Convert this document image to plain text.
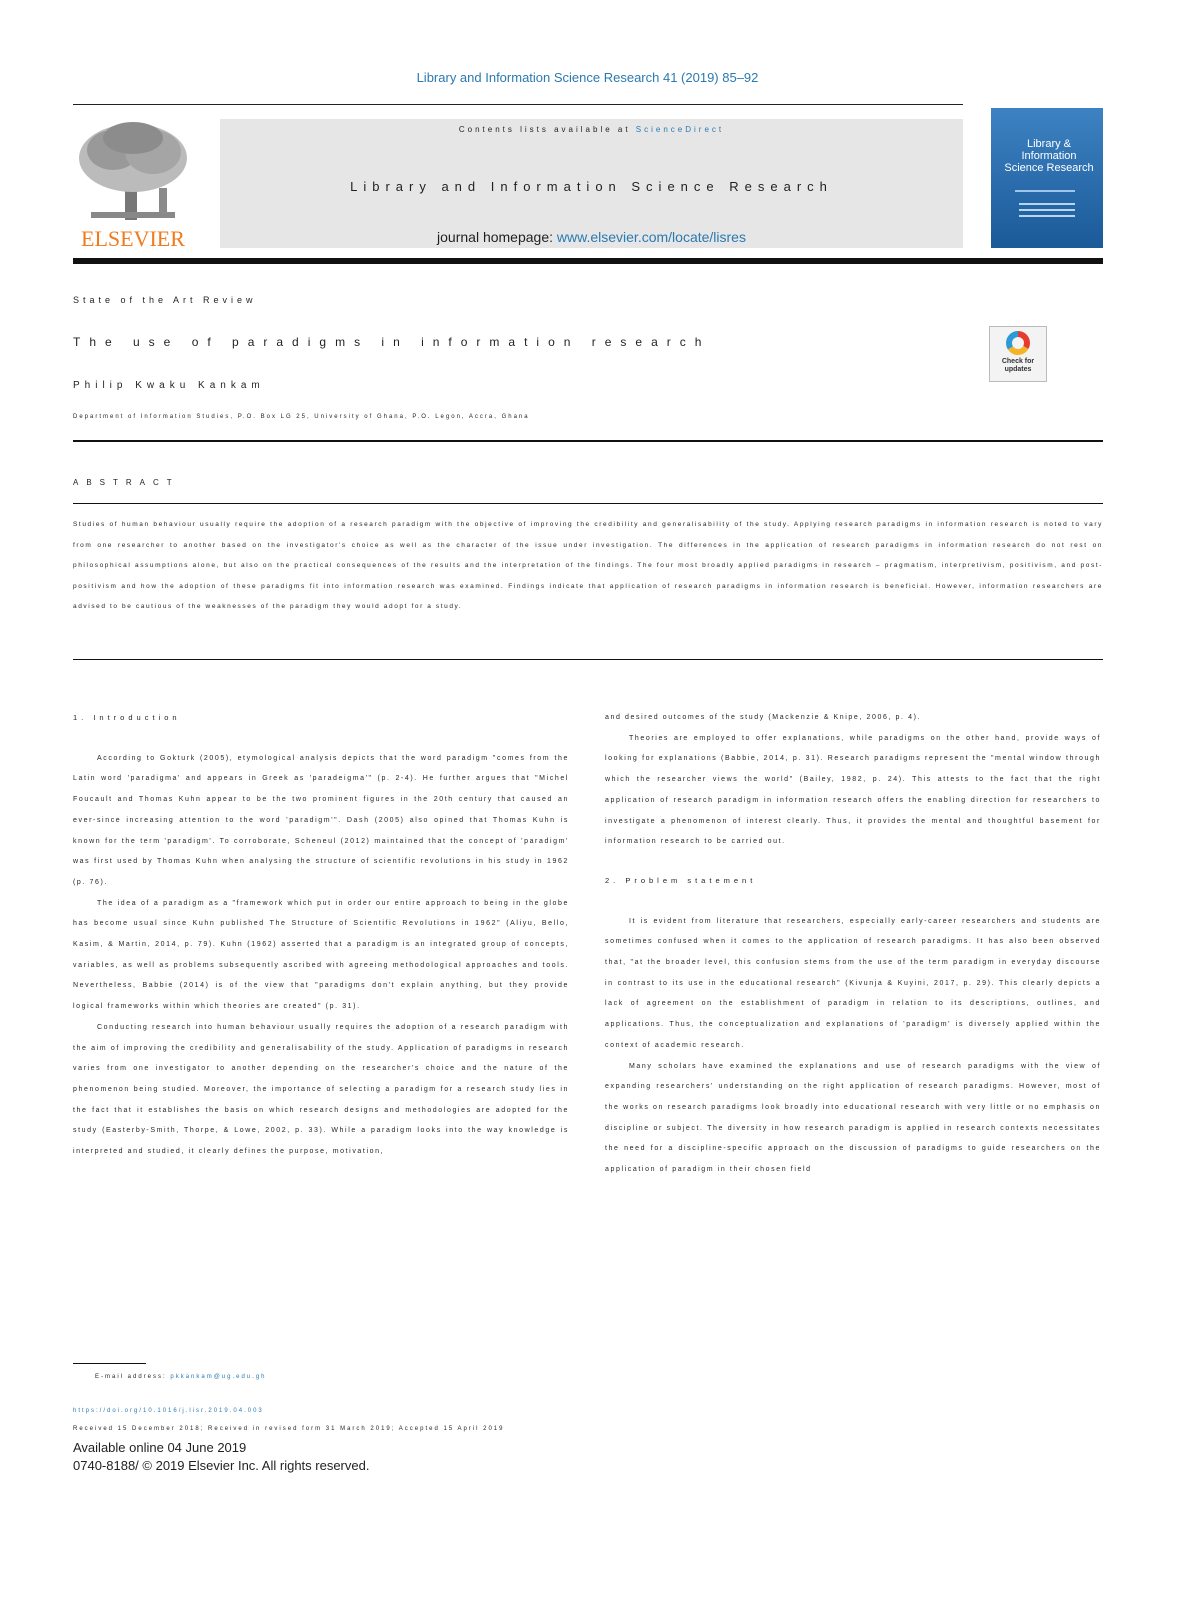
Library and Information Science Research 41 (2019) 85–92
ELSEVIER
Contents lists available at ScienceDirect
Library and Information Science Research
journal homepage: www.elsevier.com/locate/lisres
Library & Information Science Research
State of the Art Review
The use of paradigms in information research
Philip Kwaku Kankam
Department of Information Studies, P.O. Box LG 25, University of Ghana, P.O. Legon, Accra, Ghana
Check for updates
ABSTRACT
Studies of human behaviour usually require the adoption of a research paradigm with the objective of improving the credibility and generalisability of the study. Applying research paradigms in information research is noted to vary from one researcher to another based on the investigator's choice as well as the character of the issue under investigation. The differences in the application of research paradigms in information research do not rest on philosophical assumptions alone, but also on the practical consequences of the results and the interpretation of the findings. The four most broadly applied paradigms in research – pragmatism, interpretivism, positivism, and post-positivism and how the adoption of these paradigms fit into information research was examined. Findings indicate that application of research paradigms in information research is beneficial. However, information researchers are advised to be cautious of the weaknesses of the paradigm they would adopt for a study.
1. Introduction

According to Gokturk (2005), etymological analysis depicts that the word paradigm "comes from the Latin word 'paradigma' and appears in Greek as 'paradeigma'" (p. 2-4). He further argues that "Michel Foucault and Thomas Kuhn appear to be the two prominent figures in the 20th century that caused an ever-since increasing attention to the word 'paradigm'". Dash (2005) also opined that Thomas Kuhn is known for the term 'paradigm'. To corroborate, Scheneul (2012) maintained that the concept of 'paradigm' was first used by Thomas Kuhn when analysing the structure of scientific revolutions in his study in 1962 (p. 76).

The idea of a paradigm as a "framework which put in order our entire approach to being in the globe has become usual since Kuhn published The Structure of Scientific Revolutions in 1962" (Aliyu, Bello, Kasim, & Martin, 2014, p. 79). Kuhn (1962) asserted that a paradigm is an integrated group of concepts, variables, as well as problems subsequently ascribed with agreeing methodological approaches and tools. Nevertheless, Babbie (2014) is of the view that "paradigms don't explain anything, but they provide logical frameworks within which theories are created" (p. 31).

Conducting research into human behaviour usually requires the adoption of a research paradigm with the aim of improving the credibility and generalisability of the study. Application of paradigms in research varies from one investigator to another depending on the researcher's choice and the nature of the phenomenon being studied. Moreover, the importance of selecting a paradigm for a research study lies in the fact that it establishes the basis on which research designs and methodologies are adopted for the study (Easterby-Smith, Thorpe, & Lowe, 2002, p. 33). While a paradigm looks into the way knowledge is interpreted and studied, it clearly defines the purpose, motivation,

and desired outcomes of the study (Mackenzie & Knipe, 2006, p. 4).

Theories are employed to offer explanations, while paradigms on the other hand, provide ways of looking for explanations (Babbie, 2014, p. 31). Research paradigms represent the "mental window through which the researcher views the world" (Bailey, 1982, p. 24). This attests to the fact that the right application of research paradigm in information research offers the enabling direction for researchers to investigate a phenomenon of interest clearly. Thus, it provides the mental and thoughtful basement for information research to be carried out.

2. Problem statement

It is evident from literature that researchers, especially early-career researchers and students are sometimes confused when it comes to the application of research paradigms. It has also been observed that, "at the broader level, this confusion stems from the use of the term paradigm in everyday discourse in contrast to its use in the educational research" (Kivunja & Kuyini, 2017, p. 29). This clearly depicts a lack of agreement on the establishment of paradigm in relation to its descriptions, outlines, and applications. Thus, the conceptualization and explanations of 'paradigm' is diversely applied within the context of academic research.

Many scholars have examined the explanations and use of research paradigms with the view of expanding researchers' understanding on the right application of research paradigms. However, most of the works on research paradigms look broadly into educational research with very little or no emphasis on discipline or subject. The diversity in how research paradigm is applied in research contexts necessitates the need for a discipline-specific approach on the discussion of paradigms to guide researchers on the application of paradigm in their chosen field

E-mail address: pkkankam@ug.edu.gh
https://doi.org/10.1016/j.lisr.2019.04.003
Received 15 December 2018; Received in revised form 31 March 2019; Accepted 15 April 2019
Available online 04 June 2019
0740-8188/ © 2019 Elsevier Inc. All rights reserved.
